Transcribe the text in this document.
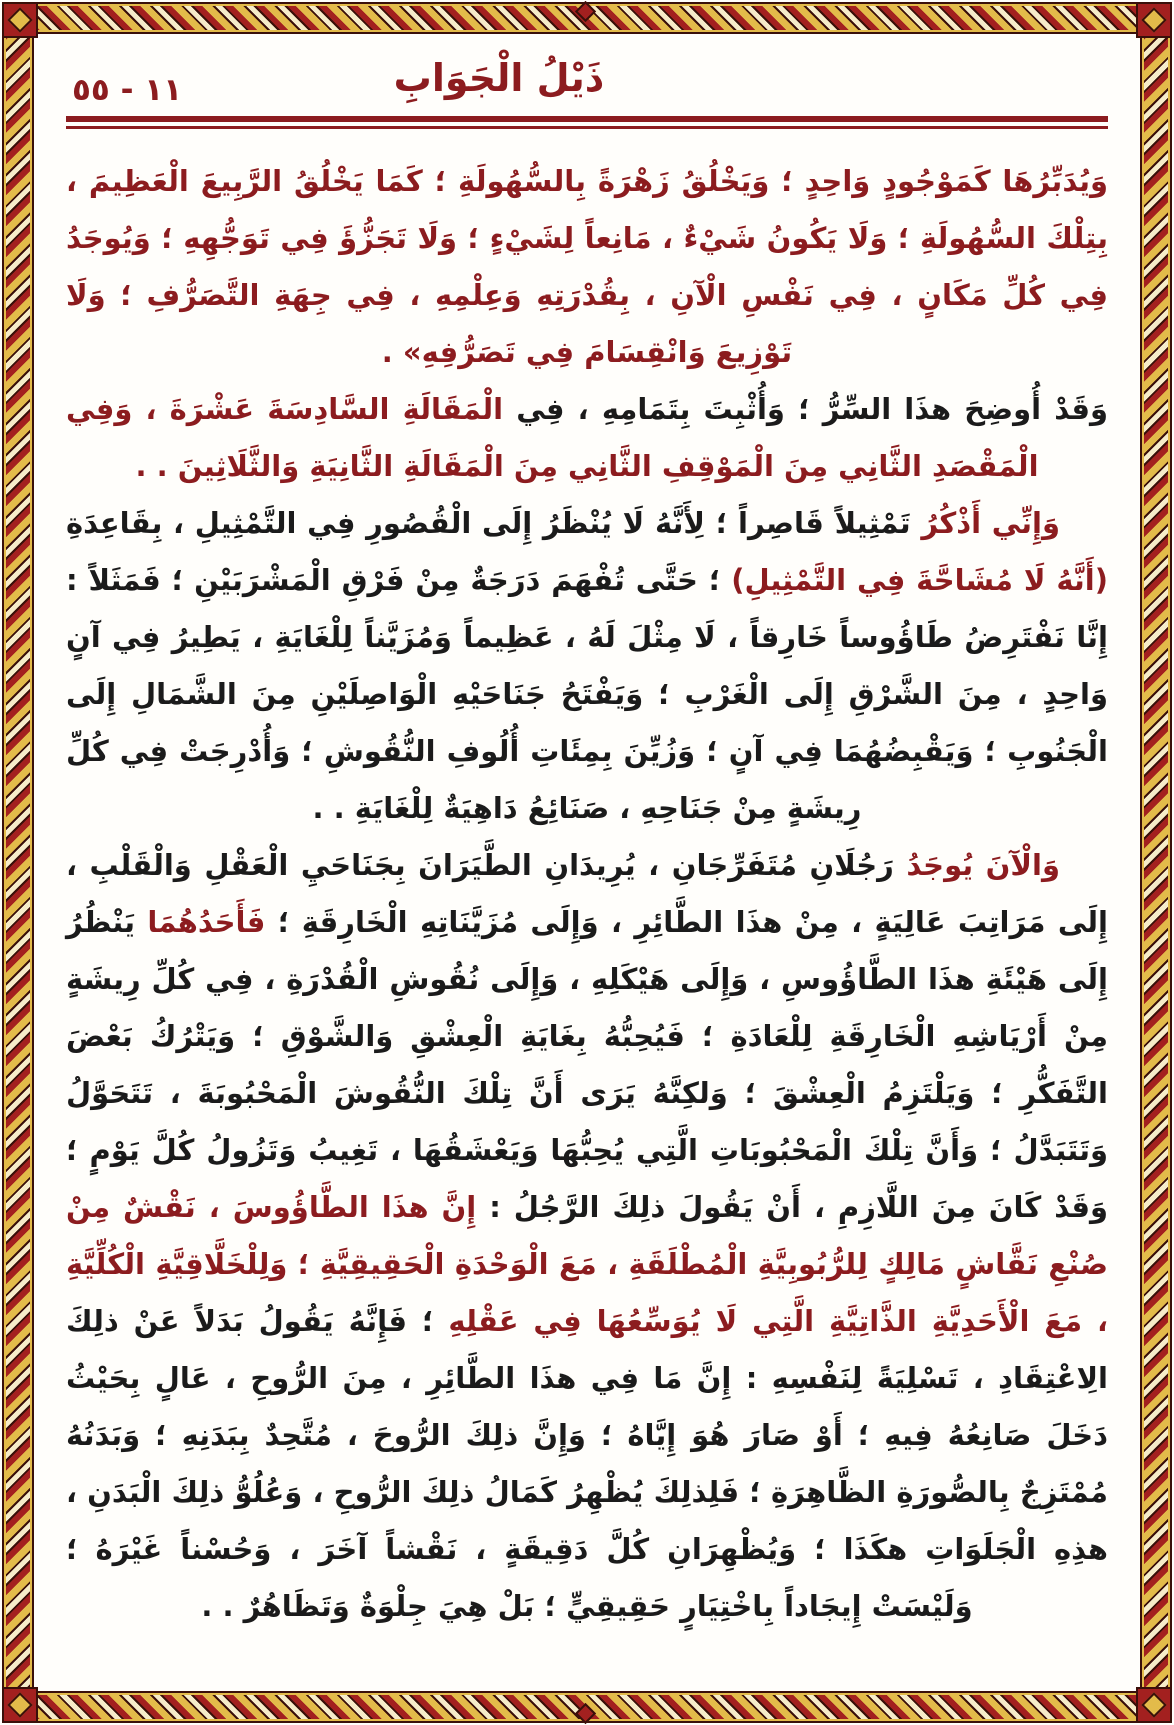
١١ - ٥٥	ذَيْلُ الْجَوَابِ

وَيُدَبِّرُهَا كَمَوْجُودٍ وَاحِدٍ ؛ وَيَخْلُقُ زَهْرَةً بِالسُّهُولَةِ ؛ كَمَا يَخْلُقُ الرَّبِيعَ الْعَظِيمَ ، بِتِلْكَ السُّهُولَةِ ؛ وَلَا يَكُونُ شَيْءٌ ، مَانِعاً لِشَيْءٍ ؛ وَلَا تَجَزُّؤَ فِي تَوَجُّهِهِ ؛ وَيُوجَدُ فِي كُلِّ مَكَانٍ ، فِي نَفْسِ الْآنِ ، بِقُدْرَتِهِ وَعِلْمِهِ ، فِي جِهَةِ التَّصَرُّفِ ؛ وَلَا تَوْزِيعَ وَانْقِسَامَ فِي تَصَرُّفِهِ» .

وَقَدْ أُوضِحَ هذَا السِّرُّ ؛ وَأُثْبِتَ بِتَمَامِهِ ، فِي الْمَقَالَةِ السَّادِسَةَ عَشْرَةَ ، وَفِي الْمَقْصَدِ الثَّانِي مِنَ الْمَوْقِفِ الثَّانِي مِنَ الْمَقَالَةِ الثَّانِيَةِ وَالثَّلَاثِينَ . .

وَإِنِّي أَذْكُرُ تَمْثِيلاً قَاصِراً ؛ لِأَنَّهُ لَا يُنْظَرُ إِلَى الْقُصُورِ فِي التَّمْثِيلِ ، بِقَاعِدَةِ (أَنَّهُ لَا مُشَاحَّةَ فِي التَّمْثِيلِ) ؛ حَتَّى تُفْهَمَ دَرَجَةٌ مِنْ فَرْقِ الْمَشْرَبَيْنِ ؛ فَمَثَلاً : إِنَّا نَفْتَرِضُ طَاؤُوساً خَارِقاً ، لَا مِثْلَ لَهُ ، عَظِيماً وَمُزَيَّناً لِلْغَايَةِ ، يَطِيرُ فِي آنٍ وَاحِدٍ ، مِنَ الشَّرْقِ إِلَى الْغَرْبِ ؛ وَيَفْتَحُ جَنَاحَيْهِ الْوَاصِلَيْنِ مِنَ الشَّمَالِ إِلَى الْجَنُوبِ ؛ وَيَقْبِضُهُمَا فِي آنٍ ؛ وَزُيِّنَ بِمِئَاتِ أُلُوفِ النُّقُوشِ ؛ وَأُدْرِجَتْ فِي كُلِّ رِيشَةٍ مِنْ جَنَاحِهِ ، صَنَائِعُ دَاهِيَةٌ لِلْغَايَةِ . .

وَالْآنَ يُوجَدُ رَجُلَانِ مُتَفَرِّجَانِ ، يُرِيدَانِ الطَّيَرَانَ بِجَنَاحَيِ الْعَقْلِ وَالْقَلْبِ ، إِلَى مَرَاتِبَ عَالِيَةٍ ، مِنْ هذَا الطَّائِرِ ، وَإِلَى مُزَيَّنَاتِهِ الْخَارِقَةِ ؛ فَأَحَدُهُمَا يَنْظُرُ إِلَى هَيْئَةِ هذَا الطَّاؤُوسِ ، وَإِلَى هَيْكَلِهِ ، وَإِلَى نُقُوشِ الْقُدْرَةِ ، فِي كُلِّ رِيشَةٍ مِنْ أَرْيَاشِهِ الْخَارِقَةِ لِلْعَادَةِ ؛ فَيُحِبُّهُ بِغَايَةِ الْعِشْقِ وَالشَّوْقِ ؛ وَيَتْرُكُ بَعْضَ التَّفَكُّرِ ؛ وَيَلْتَزِمُ الْعِشْقَ ؛ وَلكِنَّهُ يَرَى أَنَّ تِلْكَ النُّقُوشَ الْمَحْبُوبَةَ ، تَتَحَوَّلُ وَتَتَبَدَّلُ ؛ وَأَنَّ تِلْكَ الْمَحْبُوبَاتِ الَّتِي يُحِبُّهَا وَيَعْشَقُهَا ، تَغِيبُ وَتَزُولُ كُلَّ يَوْمٍ ؛ وَقَدْ كَانَ مِنَ اللَّازِمِ ، أَنْ يَقُولَ ذلِكَ الرَّجُلُ : إِنَّ هذَا الطَّاؤُوسَ ، نَقْشٌ مِنْ صُنْعِ نَقَّاشٍ مَالِكٍ لِلرُّبُوبِيَّةِ الْمُطْلَقَةِ ، مَعَ الْوَحْدَةِ الْحَقِيقِيَّةِ ؛ وَلِلْخَلَّاقِيَّةِ الْكُلِّيَّةِ ، مَعَ الْأَحَدِيَّةِ الذَّاتِيَّةِ الَّتِي لَا يُوَسِّعُهَا فِي عَقْلِهِ ؛ فَإِنَّهُ يَقُولُ بَدَلاً عَنْ ذلِكَ الِاعْتِقَادِ ، تَسْلِيَةً لِنَفْسِهِ : إِنَّ مَا فِي هذَا الطَّائِرِ ، مِنَ الرُّوحِ ، عَالٍ بِحَيْثُ دَخَلَ صَانِعُهُ فِيهِ ؛ أَوْ صَارَ هُوَ إِيَّاهُ ؛ وَإِنَّ ذلِكَ الرُّوحَ ، مُتَّحِدٌ بِبَدَنِهِ ؛ وَبَدَنُهُ مُمْتَزِجٌ بِالصُّورَةِ الظَّاهِرَةِ ؛ فَلِذلِكَ يُظْهِرُ كَمَالُ ذلِكَ الرُّوحِ ، وَعُلُوُّ ذلِكَ الْبَدَنِ ، هذِهِ الْجَلَوَاتِ هكَذَا ؛ وَيُظْهِرَانِ كُلَّ دَقِيقَةٍ ، نَقْشاً آخَرَ ، وَحُسْناً غَيْرَهُ ؛ وَلَيْسَتْ إِيجَاداً بِاخْتِيَارٍ حَقِيقِيٍّ ؛ بَلْ هِيَ جِلْوَةٌ وَتَظَاهُرٌ . .
